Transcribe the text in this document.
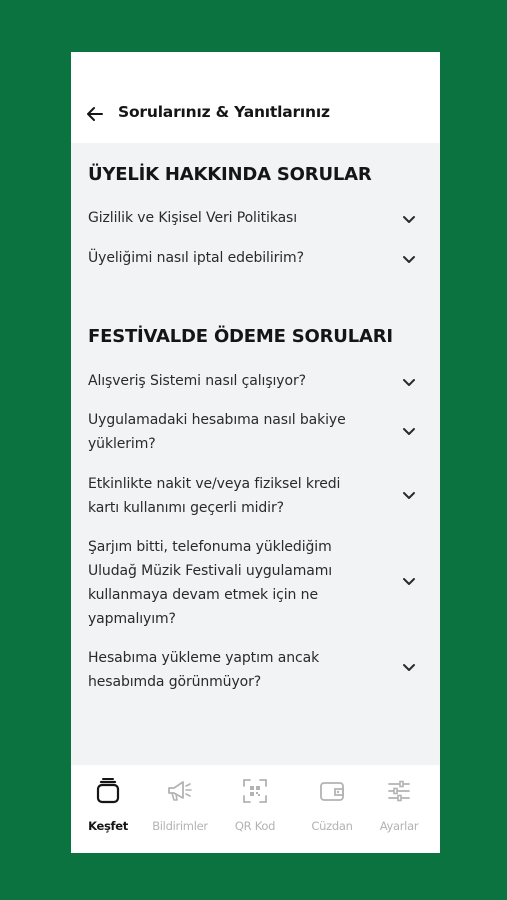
Sorularınız & Yanıtlarınız
ÜYELİK HAKKINDA SORULAR
Gizlilik ve Kişisel Veri Politikası
Üyeliğimi nasıl iptal edebilirim?
FESTİVALDE ÖDEME SORULARI
Alışveriş Sistemi nasıl çalışıyor?
Uygulamadaki hesabıma nasıl bakiye yüklerim?
Etkinlikte nakit ve/veya fiziksel kredi kartı kullanımı geçerli midir?
Şarjım bitti, telefonuma yüklediğim Uludağ Müzik Festivali uygulamamı kullanmaya devam etmek için ne yapmalıyım?
Hesabıma yükleme yaptım ancak hesabımda görünmüyor?
Keşfet	Bildirimler	QR Kod	Cüzdan	Ayarlar
